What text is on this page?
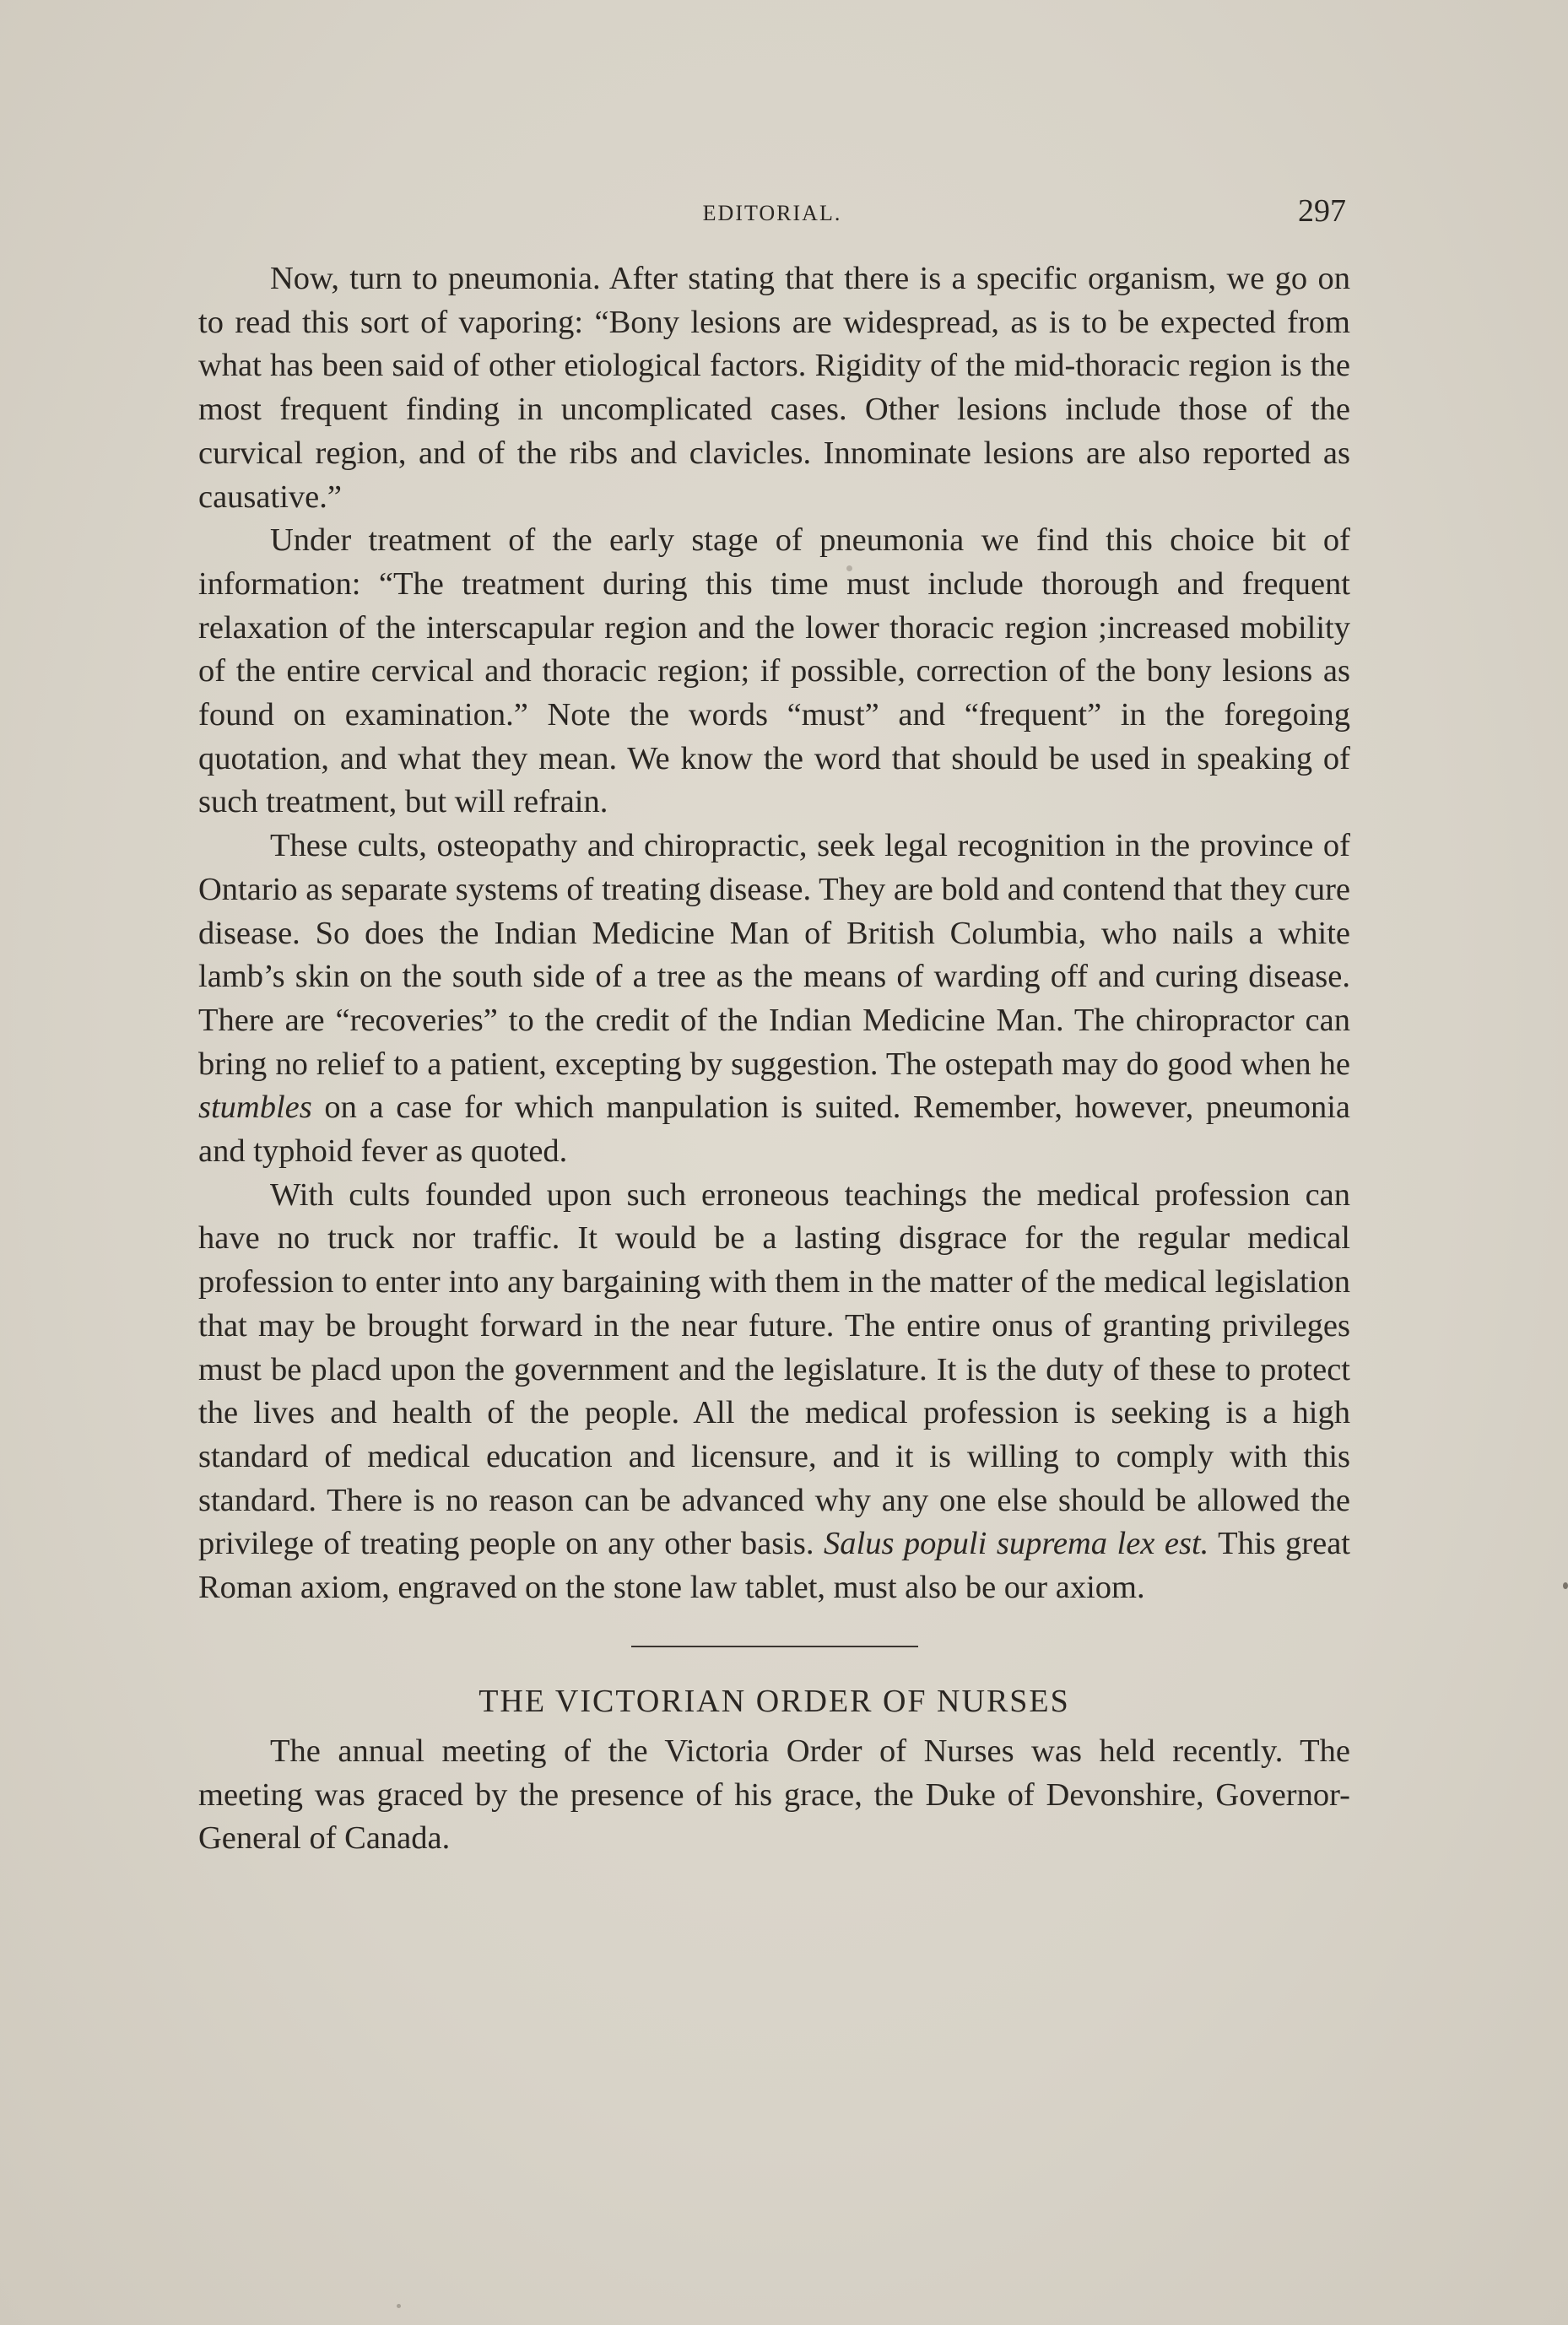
EDITORIAL.	297

Now, turn to pneumonia. After stating that there is a specific organism, we go on to read this sort of vaporing: “Bony lesions are widespread, as is to be expected from what has been said of other etiological factors. Rigidity of the mid-thoracic region is the most frequent finding in uncomplicated cases. Other lesions include those of the curvical region, and of the ribs and clavicles. Innominate lesions are also reported as causative.”

Under treatment of the early stage of pneumonia we find this choice bit of information: “The treatment during this time must include thorough and frequent relaxation of the interscapular region and the lower thoracic region ;increased mobility of the entire cervical and thoracic region; if possible, correction of the bony lesions as found on examination.” Note the words “must” and “frequent” in the foregoing quotation, and what they mean. We know the word that should be used in speaking of such treatment, but will refrain.

These cults, osteopathy and chiropractic, seek legal recognition in the province of Ontario as separate systems of treating disease. They are bold and contend that they cure disease. So does the Indian Medicine Man of British Columbia, who nails a white lamb’s skin on the south side of a tree as the means of warding off and curing disease. There are “recoveries” to the credit of the Indian Medicine Man. The chiropractor can bring no relief to a patient, excepting by suggestion. The ostepath may do good when he stumbles on a case for which manpulation is suited. Remember, however, pneumonia and typhoid fever as quoted.

With cults founded upon such erroneous teachings the medical profession can have no truck nor traffic. It would be a lasting disgrace for the regular medical profession to enter into any bargaining with them in the matter of the medical legislation that may be brought forward in the near future. The entire onus of granting privileges must be placd upon the government and the legislature. It is the duty of these to protect the lives and health of the people. All the medical profession is seeking is a high standard of medical education and licensure, and it is willing to comply with this standard. There is no reason can be advanced why any one else should be allowed the privilege of treating people on any other basis. Salus populi suprema lex est. This great Roman axiom, engraved on the stone law tablet, must also be our axiom.

THE VICTORIAN ORDER OF NURSES

The annual meeting of the Victoria Order of Nurses was held recently. The meeting was graced by the presence of his grace, the Duke of Devonshire, Governor-General of Canada.
